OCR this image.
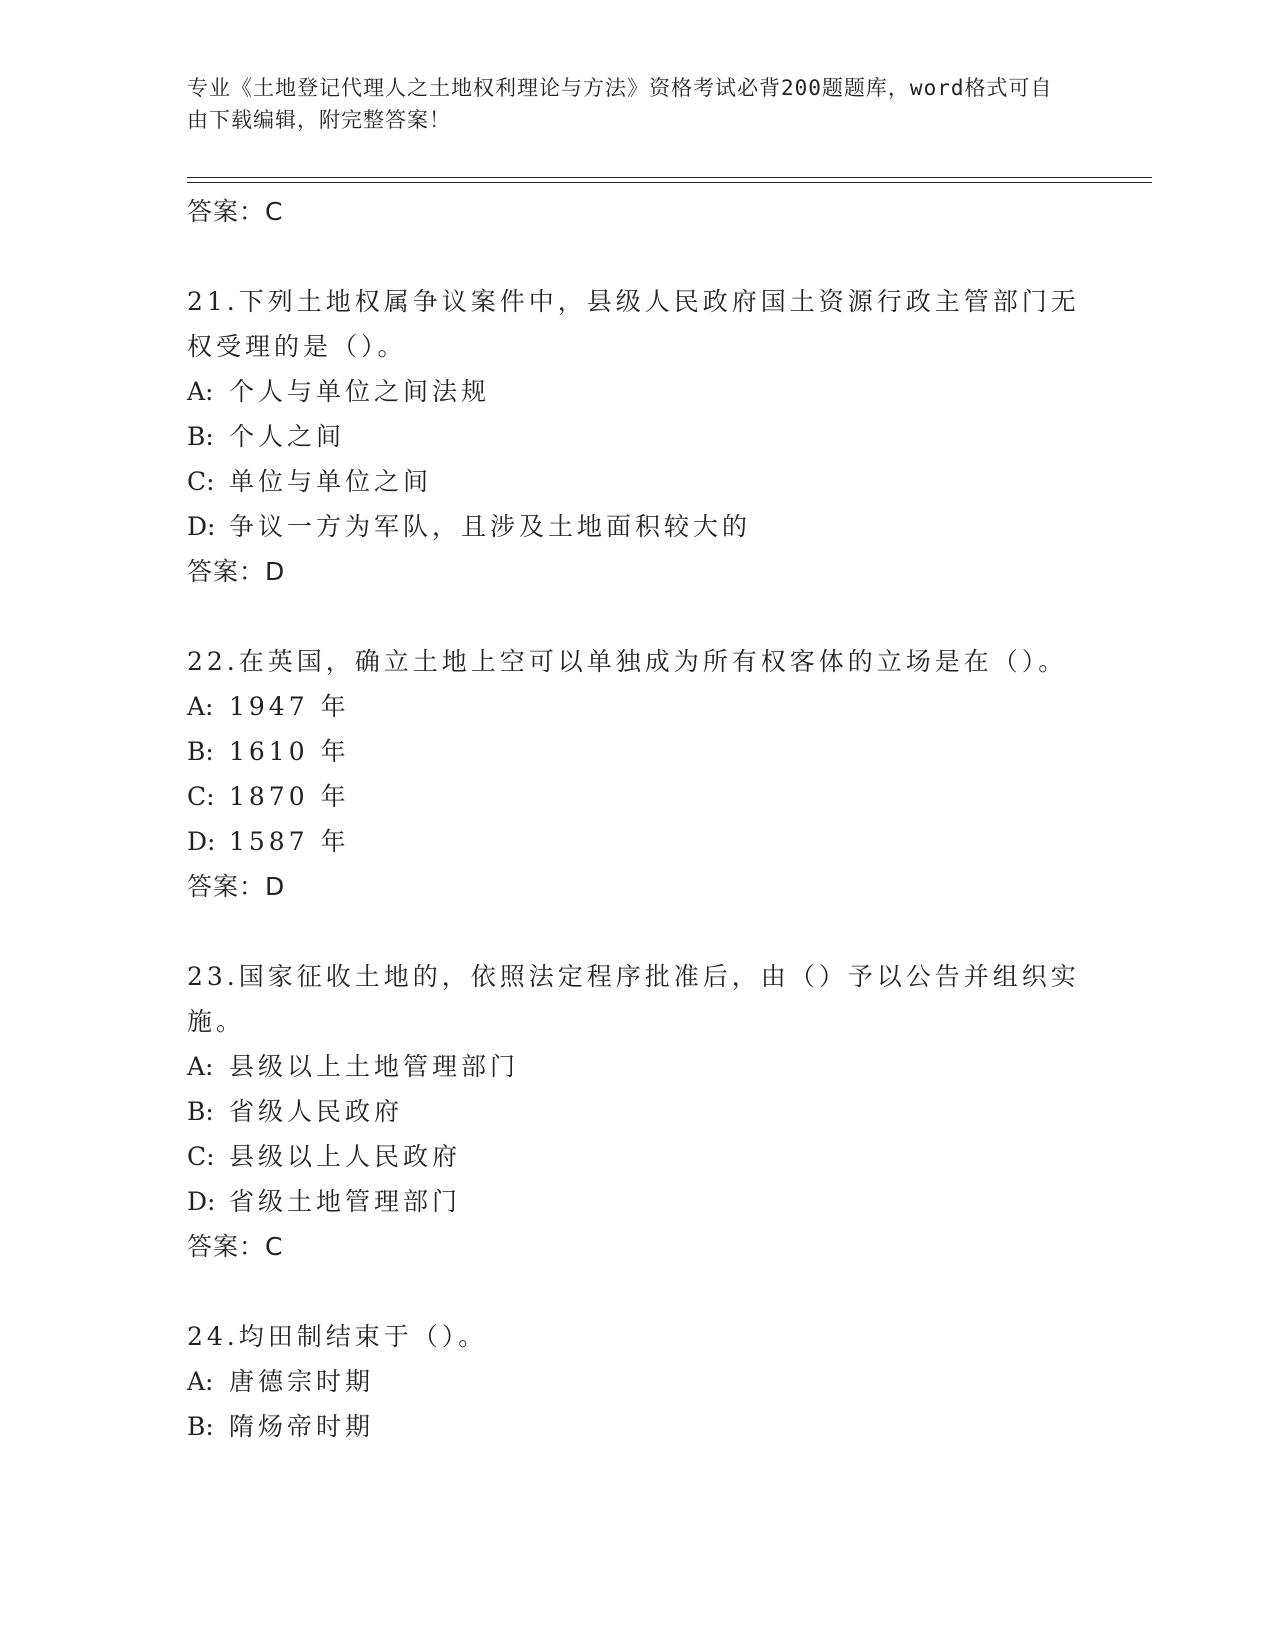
专业《土地登记代理人之土地权利理论与方法》资格考试必背200题题库，word格式可自由下载编辑，附完整答案！

答案：C

21.下列土地权属争议案件中，县级人民政府国土资源行政主管部门无权受理的是（）。

A: 个人与单位之间法规
B: 个人之间
C: 单位与单位之间
D: 争议一方为军队，且涉及土地面积较大的
答案：D

22.在英国，确立土地上空可以单独成为所有权客体的立场是在（）。

A: 1947 年
B: 1610 年
C: 1870 年
D: 1587 年
答案：D

23.国家征收土地的，依照法定程序批准后，由（）予以公告并组织实施。

A: 县级以上土地管理部门
B: 省级人民政府
C: 县级以上人民政府
D: 省级土地管理部门
答案：C

24.均田制结束于（）。

A: 唐德宗时期
B: 隋炀帝时期
